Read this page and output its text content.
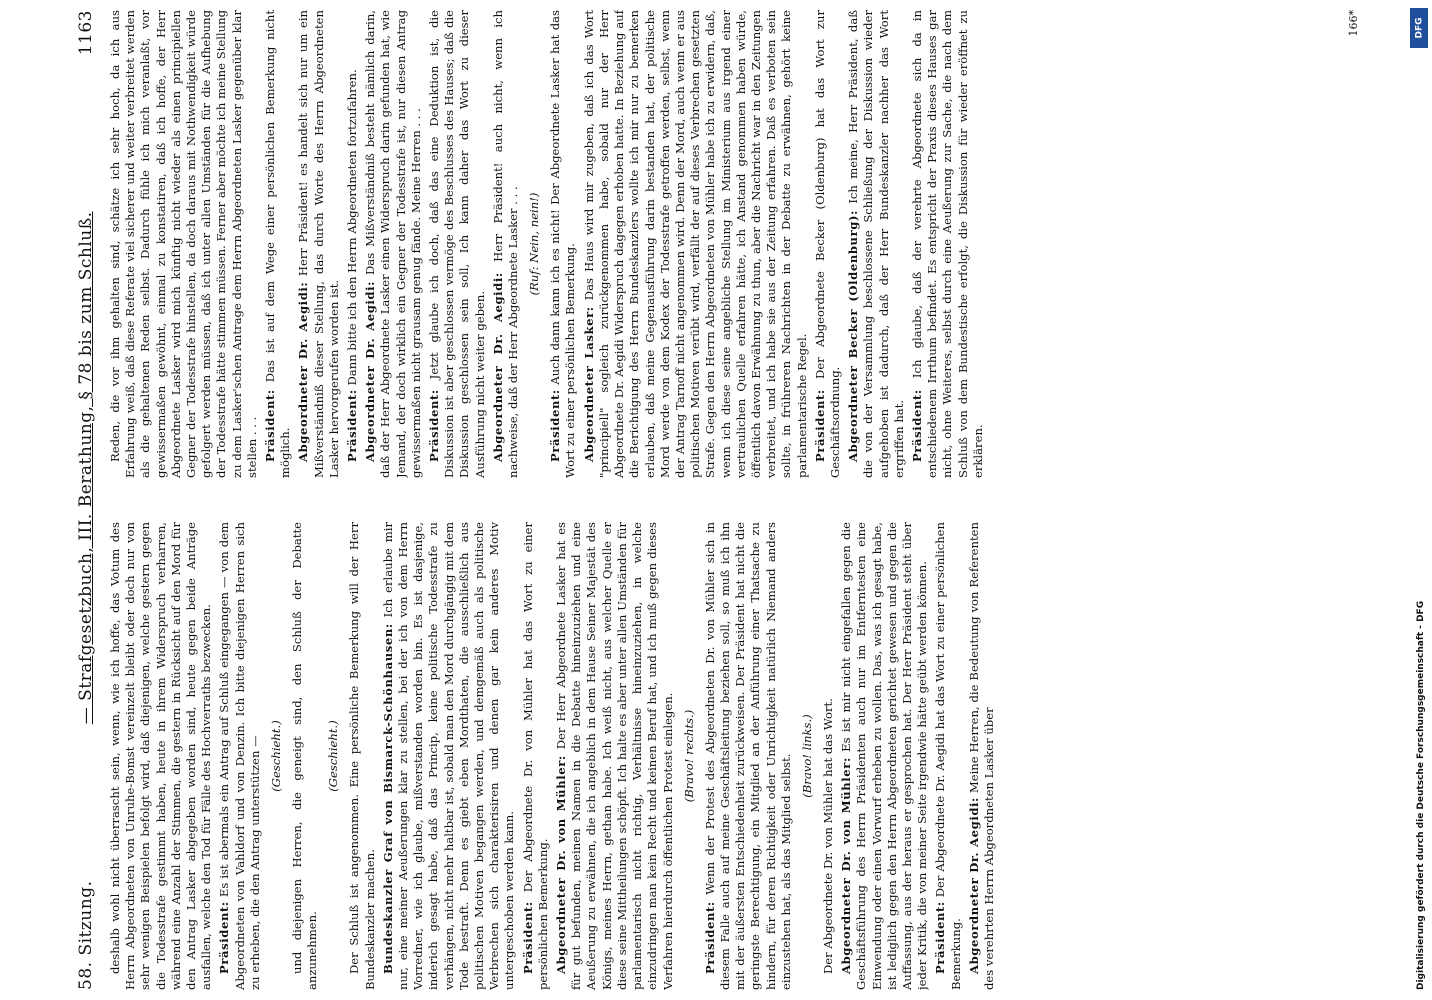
58. Sitzung.
— Strafgesetzbuch, III. Berathung, § 78 bis zum Schluß.
1163

deshalb wohl nicht überrascht sein, wenn, wie ich hoffe, das Votum des Herrn Abgeordneten von Unruhe-Bomst vereinzelt bleibt oder doch nur von sehr wenigen Beispielen befolgt wird, daß diejenigen, welche gestern gegen die Todesstrafe gestimmt haben, heute in ihrem Widerspruch verharren, während eine Anzahl der Stimmen, die gestern in Rücksicht auf den Mord für den Antrag Lasker abgegeben worden sind, heute gegen beide Anträge ausfallen, welche den Tod für Fälle des Hochverraths bezwecken. Präsident: Es ist abermals ein Antrag auf Schluß eingegangen — von dem Abgeordneten von Vahldorf und von Denzin. Ich bitte diejenigen Herren sich zu erheben, die den Antrag unterstützen — (Geschieht.) und diejenigen Herren, die geneigt sind, den Schluß der Debatte anzunehmen.

(Geschieht.) Der Schluß ist angenommen. Eine persönliche Bemerkung will der Herr Bundeskanzler machen. Bundeskanzler Graf von Bismarck-Schönhausen: Ich erlaube mir nur, eine meiner Aeußerungen klar zu stellen, bei der ich von dem Herrn Vorredner, wie ich glaube, mißverstanden worden bin. Es ist dasjenige, inderich gesagt habe, daß das Princip, keine politische Todesstrafe zu verhängen, nicht mehr haltbar ist, sobald man den Mord durchgängig mit dem Tode bestraft. Denn es giebt eben Mordthaten, die ausschließlich aus politischen Motiven begangen werden, und demgemäß auch als politische Verbrechen sich charakterisiren und denen gar kein anderes Motiv untergeschoben werden kann. Präsident: Der Abgeordnete Dr. von Mühler hat das Wort zu einer persönlichen Bemerkung. Abgeordneter Dr. von Mühler: Der Herr Abgeordnete Lasker hat es für gut befunden, meinen Namen in die Debatte hineinzuziehen und eine Aeußerung zu erwähnen, die ich angeblich in dem Hause Seiner Majestät des Königs, meines Herrn, gethan habe. Ich weiß nicht, aus welcher Quelle er diese seine Mittheilungen schöpft. Ich halte es aber unter allen Umständen für parlamentarisch nicht richtig, Verhältnisse hineinzuziehen, in welche einzudringen man kein Recht und keinen Beruf hat, und ich muß gegen dieses Verfahren hierdurch öffentlichen Protest einlegen. (Bravo! rechts.)

Präsident: Wenn der Protest des Abgeordneten Dr. von Mühler sich in diesem Falle auch auf meine Geschäftsleitung beziehen soll, so muß ich ihn mit der äußersten Entschiedenheit zurückweisen. Der Präsident hat nicht die geringste Berechtigung, ein Mitglied an der Anführung einer Thatsache zu hindern, für deren Richtigkeit oder Unrichtigkeit natürlich Niemand anders einzustehen hat, als das Mitglied selbst. (Bravo! links.) Der Abgeordnete Dr. von Mühler hat das Wort. Abgeordneter Dr. von Mühler: Es ist mir nicht eingefallen gegen die Geschäftsführung des Herrn Präsidenten auch nur im Entferntesten eine Einwendung oder einen Vorwurf erheben zu wollen. Das, was ich gesagt habe, ist lediglich gegen den Herrn Abgeordneten gerichtet gewesen und gegen die Auffassung, aus der heraus er gesprochen hat. Der Herr Präsident steht über jeder Kritik, die von meiner Seite irgendwie hätte geübt werden können. Präsident: Der Abgeordnete Dr. Aegidi hat das Wort zu einer persönlichen Bemerkung. Abgeordneter Dr. Aegidi: Meine Herren, die Bedeutung von Referenten des verehrten Herrn Abgeordneten Lasker über

Reden, die vor ihm gehalten sind, schätze ich sehr hoch, da ich aus Erfahrung weiß, daß diese Referate viel sicherer und weiter verbreitet werden als die gehaltenen Reden selbst. Dadurch fühle ich mich veranlaßt, vor gewissermaßen gewöhnt, einmal zu konstatiren, daß ich hoffe, der Herr Abgeordnete Lasker wird mich künftig nicht wieder als einen principiellen Gegner der Todesstrafe hinstellen, da doch daraus mit Nothwendigkeit würde gefolgert werden müssen, daß ich unter allen Umständen für die Aufhebung der Todesstrafe hätte stimmen müssen. Ferner aber möchte ich meine Stellung zu dem Lasker'schen Antrage dem Herrn Abgeordneten Lasker gegenüber klar stellen . . . Präsident: Das ist auf dem Wege einer persönlichen Bemerkung nicht möglich. Abgeordneter Dr. Aegidi: Herr Präsident! es handelt sich nur um ein Mißverständniß dieser Stellung, das durch Worte des Herrn Abgeordneten Lasker hervorgerufen worden ist. Präsident: Dann bitte ich den Herrn Abgeordneten fortzufahren. Abgeordneter Dr. Aegidi: Das Mißverständniß besteht nämlich darin, daß der Herr Abgeordnete Lasker einen Widerspruch darin gefunden hat, wie Jemand, der doch wirklich ein Gegner der Todesstrafe ist, nur diesen Antrag gewissermaßen nicht grausam genug fände. Meine Herren . . . Präsident: Jetzt glaube ich doch, daß das eine Deduktion ist, die Diskussion ist aber geschlossen vermöge des Beschlusses des Hauses; daß die Diskussion geschlossen sein soll, Ich kann daher das Wort zu dieser Ausführung nicht weiter geben. Abgeordneter Dr. Aegidi: Herr Präsident! auch nicht, wenn ich nachweise, daß der Herr Abgeordnete Lasker . . . (Ruf: Nein, nein!)

Präsident: Auch dann kann ich es nicht! Der Abgeordnete Lasker hat das Wort zu einer persönlichen Bemerkung. Abgeordneter Lasker: Das Haus wird mir zugeben, daß ich das Wort "principiell" sogleich zurückgenommen habe, sobald nur der Herr Abgeordnete Dr. Aegidi Widerspruch dagegen erhoben hatte. In Beziehung auf die Berichtigung des Herrn Bundeskanzlers wollte ich mir nur zu bemerken erlauben, daß meine Gegenausführung darin bestanden hat, der politische Mord werde von dem Kodex der Todesstrafe getroffen werden, selbst, wenn der Antrag Tarnoff nicht angenommen wird. Denn der Mord, auch wenn er aus politischen Motiven verübt wird, verfällt der auf dieses Verbrechen gesetzten Strafe. Gegen den Herrn Abgeordneten von Mühler habe ich zu erwidern, daß, wenn ich diese seine angebliche Stellung im Ministerium aus irgend einer vertraulichen Quelle erfahren hätte, ich Anstand genommen haben würde, öffentlich davon Erwähnung zu thun, aber die Nachricht war in den Zeitungen verbreitet, und ich habe sie aus der Zeitung erfahren. Daß es verboten sein sollte, in frühreren Nachrichten in der Debatte zu erwähnen, gehört keine parlamentarische Regel. Präsident: Der Abgeordnete Becker (Oldenburg) hat das Wort zur Geschäftsordnung. Abgeordneter Becker (Oldenburg): Ich meine, Herr Präsident, daß die von der Versammlung beschlossene Schließung der Diskussion wieder aufgehoben ist dadurch, daß der Herr Bundeskanzler nachher das Wort ergriffen hat. Präsident: Ich glaube, daß der verehrte Abgeordnete sich da in entschiedenem Irrthum befindet. Es entspricht der Praxis dieses Hauses gar nicht, ohne Weiteres, selbst durch eine Aeußerung zur Sache, die nach dem Schluß von dem Bundestische erfolgt, die Diskussion für wieder eröffnet zu erklären.

166*
Digitalisierung gefördert durch die Deutsche Forschungsgemeinschaft - DFG
DFG
